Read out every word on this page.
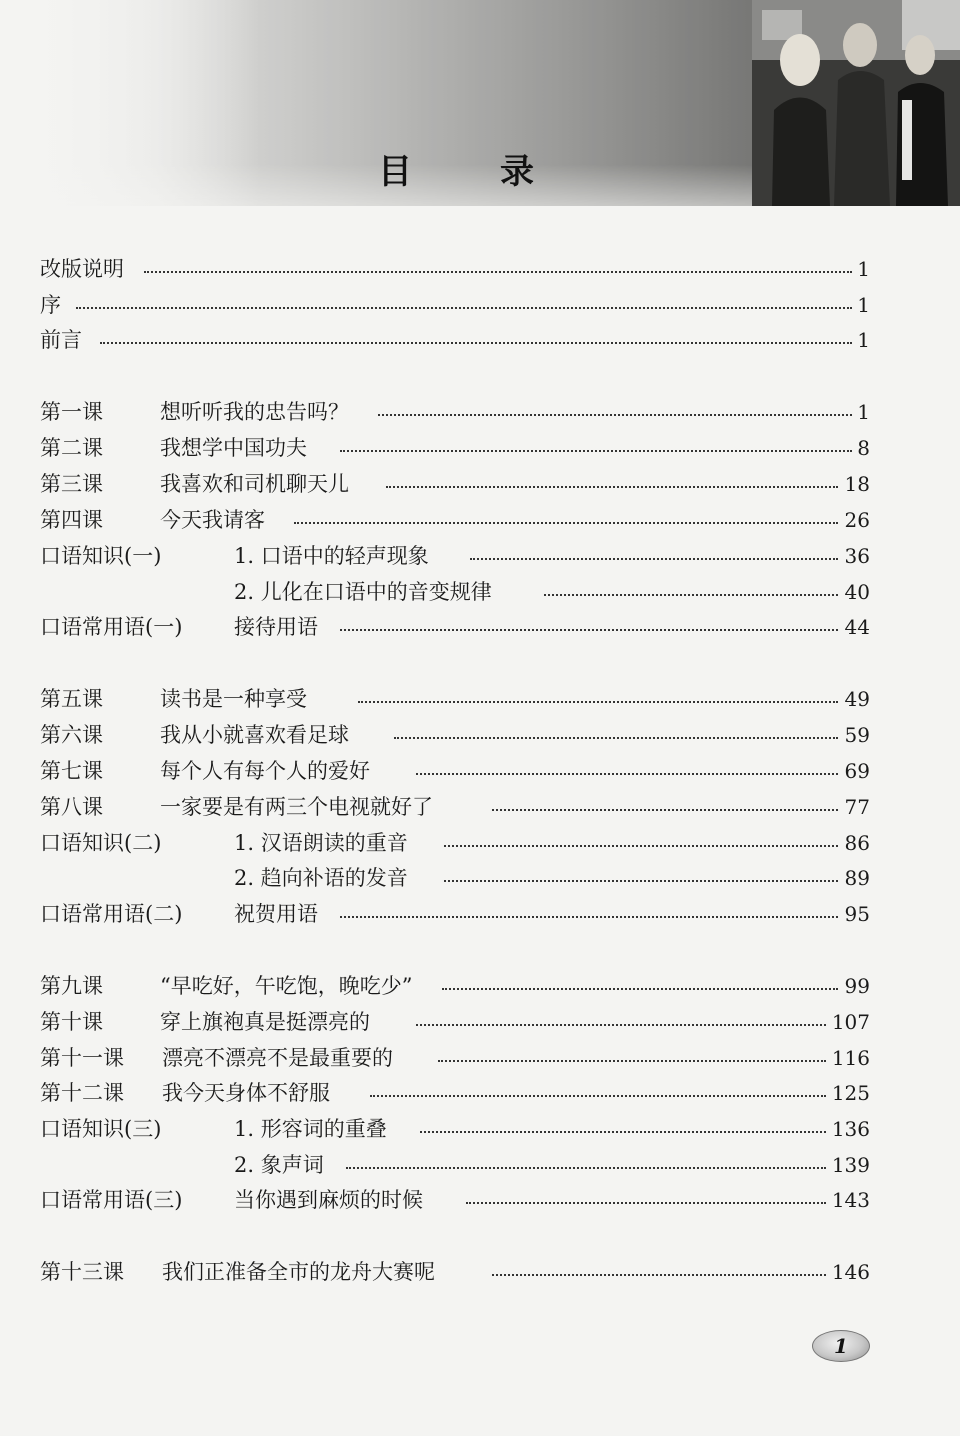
目	录
改版说明	1
序	1
前言	1
第一课	想听听我的忠告吗？	1
第二课	我想学中国功夫	8
第三课	我喜欢和司机聊天儿	18
第四课	今天我请客	26
口语知识(一)	1. 口语中的轻声现象	36
2. 儿化在口语中的音变规律	40
口语常用语(一) 接待用语	44
第五课	读书是一种享受	49
第六课	我从小就喜欢看足球	59
第七课	每个人有每个人的爱好	69
第八课	一家要是有两三个电视就好了	77
口语知识(二)	1. 汉语朗读的重音	86
2. 趋向补语的发音	89
口语常用语(二) 祝贺用语	95
第九课	“早吃好，午吃饱，晚吃少”	99
第十课	穿上旗袍真是挺漂亮的	107
第十一课 漂亮不漂亮不是最重要的	116
第十二课 我今天身体不舒服	125
口语知识(三)	1. 形容词的重叠	136
2. 象声词	139
口语常用语(三) 当你遇到麻烦的时候	143
第十三课 我们正准备全市的龙舟大赛呢	146
1
